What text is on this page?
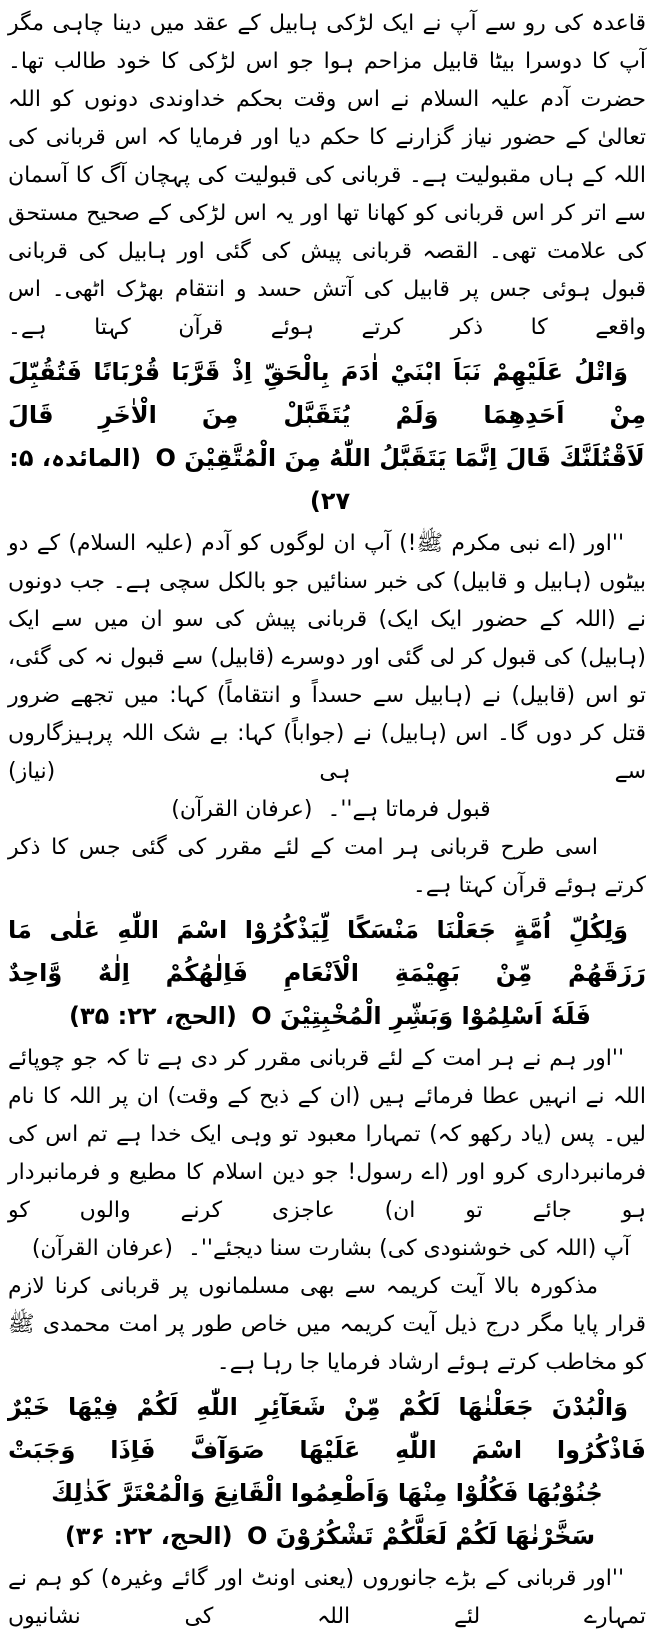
قاعدہ کی رو سے آپ نے ایک لڑکی ہابیل کے عقد میں دینا چاہی مگر آپ کا دوسرا بیٹا قابیل مزاحم ہوا جو اس لڑکی کا خود طالب تھا۔ حضرت آدم علیہ السلام نے اس وقت بحکم خداوندی دونوں کو اللہ تعالیٰ کے حضور نیاز گزارنے کا حکم دیا اور فرمایا کہ اس قربانی کی اللہ کے ہاں مقبولیت ہے۔ قربانی کی قبولیت کی پہچان آگ کا آسمان سے اتر کر اس قربانی کو کھانا تھا اور یہ اس لڑکی کے صحیح مستحق کی علامت تھی۔ القصہ قربانی پیش کی گئی اور ہابیل کی قربانی قبول ہوئی جس پر قابیل کی آتش حسد و انتقام بھڑک اٹھی۔ اس واقعے کا ذکر کرتے ہوئے قرآن کہتا ہے۔

وَاتْلُ عَلَيْهِمْ نَبَاَ ابْنَيْ اٰدَمَ بِالْحَقِّ اِذْ قَرَّبَا قُرْبَانًا فَتُقُبِّلَ مِنْ اَحَدِهِمَا وَلَمْ يُتَقَبَّلْ مِنَ الْاٰخَرِ قَالَ
لَاَقْتُلَنَّكَ قَالَ اِنَّمَا يَتَقَبَّلُ اللّٰهُ مِنَ الْمُتَّقِيْنَ O (المائدہ، ۵: ۲۷)

''اور (اے نبی مکرم ﷺ!) آپ ان لوگوں کو آدم (علیہ السلام) کے دو بیٹوں (ہابیل و قابیل) کی خبر سنائیں جو بالکل سچی ہے۔ جب دونوں نے (اللہ کے حضور ایک ایک) قربانی پیش کی سو ان میں سے ایک (ہابیل) کی قبول کر لی گئی اور دوسرے (قابیل) سے قبول نہ کی گئی، تو اس (قابیل) نے (ہابیل سے حسداً و انتقاماً) کہا: میں تجھے ضرور قتل کر دوں گا۔ اس (ہابیل) نے (جواباً) کہا: بے شک اللہ پرہیزگاروں سے ہی (نیاز)

قبول فرماتا ہے''۔ (عرفان القرآن)

اسی طرح قربانی ہر امت کے لئے مقرر کی گئی جس کا ذکر کرتے ہوئے قرآن کہتا ہے۔

وَلِكُلِّ اُمَّةٍ جَعَلْنَا مَنْسَكًا لِّيَذْكُرُوْا اسْمَ اللّٰهِ عَلٰى مَا رَزَقَهُمْ مِّنْ بَهِيْمَةِ الْاَنْعَامِ فَاِلٰهُكُمْ اِلٰهٌ وَّاحِدٌ
فَلَهٗ اَسْلِمُوْا وَبَشِّرِ الْمُخْبِتِيْنَ O (الحج، ۲۲: ۳۵)

''اور ہم نے ہر امت کے لئے قربانی مقرر کر دی ہے تا کہ جو چوپائے اللہ نے انہیں عطا فرمائے ہیں (ان کے ذبح کے وقت) ان پر اللہ کا نام لیں۔ پس (یاد رکھو کہ) تمہارا معبود تو وہی ایک خدا ہے تم اس کی فرمانبرداری کرو اور (اے رسول! جو دین اسلام کا مطیع و فرمانبردار ہو جائے تو ان) عاجزی کرنے والوں کو

آپ (اللہ کی خوشنودی کی) بشارت سنا دیجئے''۔ (عرفان القرآن)

مذکورہ بالا آیت کریمہ سے بھی مسلمانوں پر قربانی کرنا لازم قرار پایا مگر درج ذیل آیت کریمہ میں خاص طور پر امت محمدی ﷺ کو مخاطب کرتے ہوئے ارشاد فرمایا جا رہا ہے۔

وَالْبُدْنَ جَعَلْنٰهَا لَكُمْ مِّنْ شَعَآئِرِ اللّٰهِ لَكُمْ فِيْهَا خَيْرٌ فَاذْكُرُوا اسْمَ اللّٰهِ عَلَيْهَا صَوَآفَّ فَاِذَا وَجَبَتْ
جُنُوْبُهَا فَكُلُوْا مِنْهَا وَاَطْعِمُوا الْقَانِعَ وَالْمُعْتَرَّ كَذٰلِكَ سَخَّرْنٰهَا لَكُمْ لَعَلَّكُمْ تَشْكُرُوْنَ O (الحج، ۲۲: ۳۶)

''اور قربانی کے بڑے جانوروں (یعنی اونٹ اور گائے وغیرہ) کو ہم نے تمہارے لئے اللہ کی نشانیوں
